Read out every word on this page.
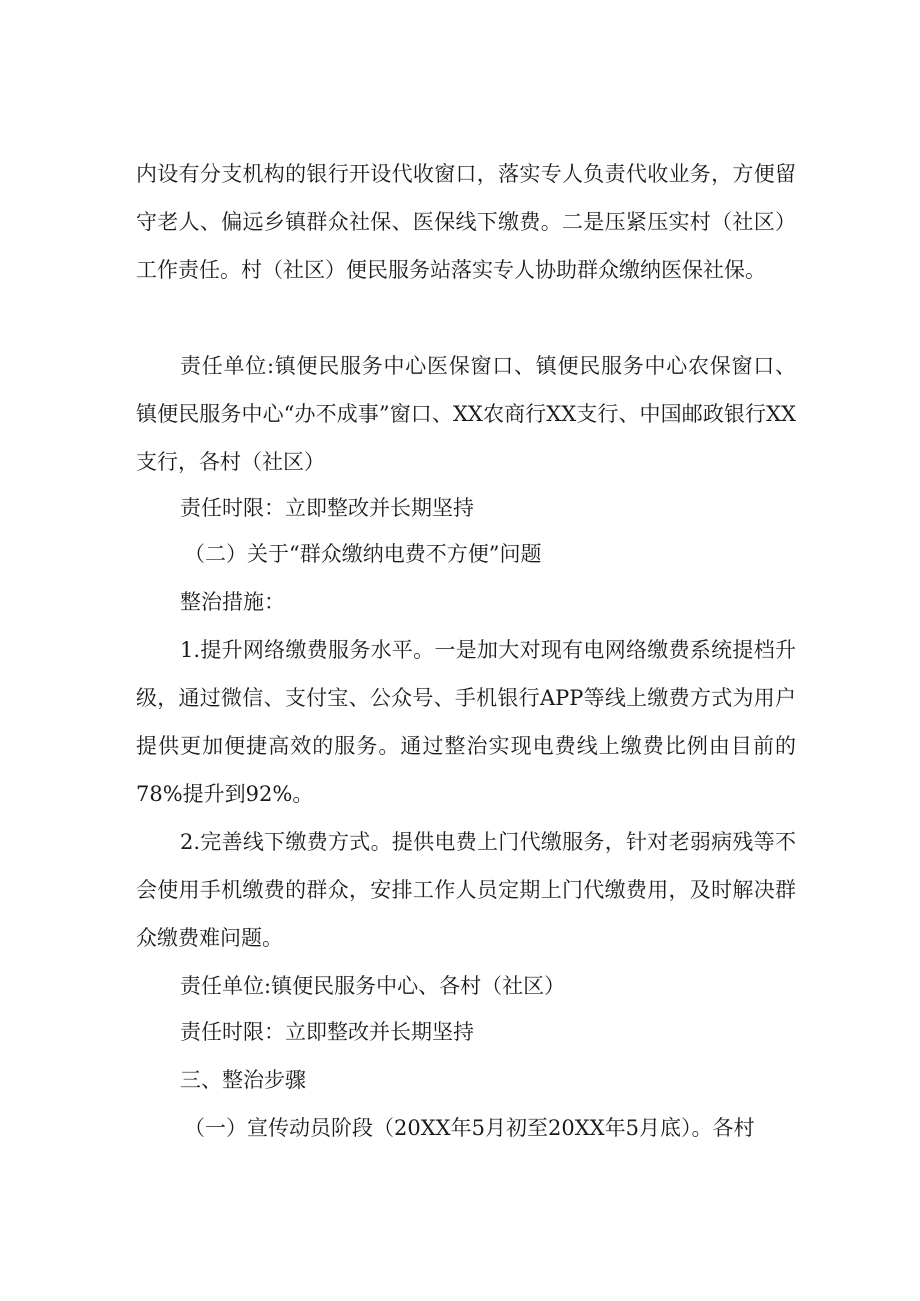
内设有分支机构的银行开设代收窗口，落实专人负责代收业务，方便留守老人、偏远乡镇群众社保、医保线下缴费。二是压紧压实村（社区）工作责任。村（社区）便民服务站落实专人协助群众缴纳医保社保。

责任单位:镇便民服务中心医保窗口、镇便民服务中心农保窗口、镇便民服务中心“办不成事”窗口、XX农商行XX支行、中国邮政银行XX支行，各村（社区）

责任时限：立即整改并长期坚持

（二）关于“群众缴纳电费不方便”问题

整治措施：

1.提升网络缴费服务水平。一是加大对现有电网络缴费系统提档升级，通过微信、支付宝、公众号、手机银行APP等线上缴费方式为用户提供更加便捷高效的服务。通过整治实现电费线上缴费比例由目前的78%提升到92%。

2.完善线下缴费方式。提供电费上门代缴服务，针对老弱病残等不会使用手机缴费的群众，安排工作人员定期上门代缴费用，及时解决群众缴费难问题。

责任单位:镇便民服务中心、各村（社区）

责任时限：立即整改并长期坚持

三、整治步骤

（一）宣传动员阶段（20XX年5月初至20XX年5月底）。各村
